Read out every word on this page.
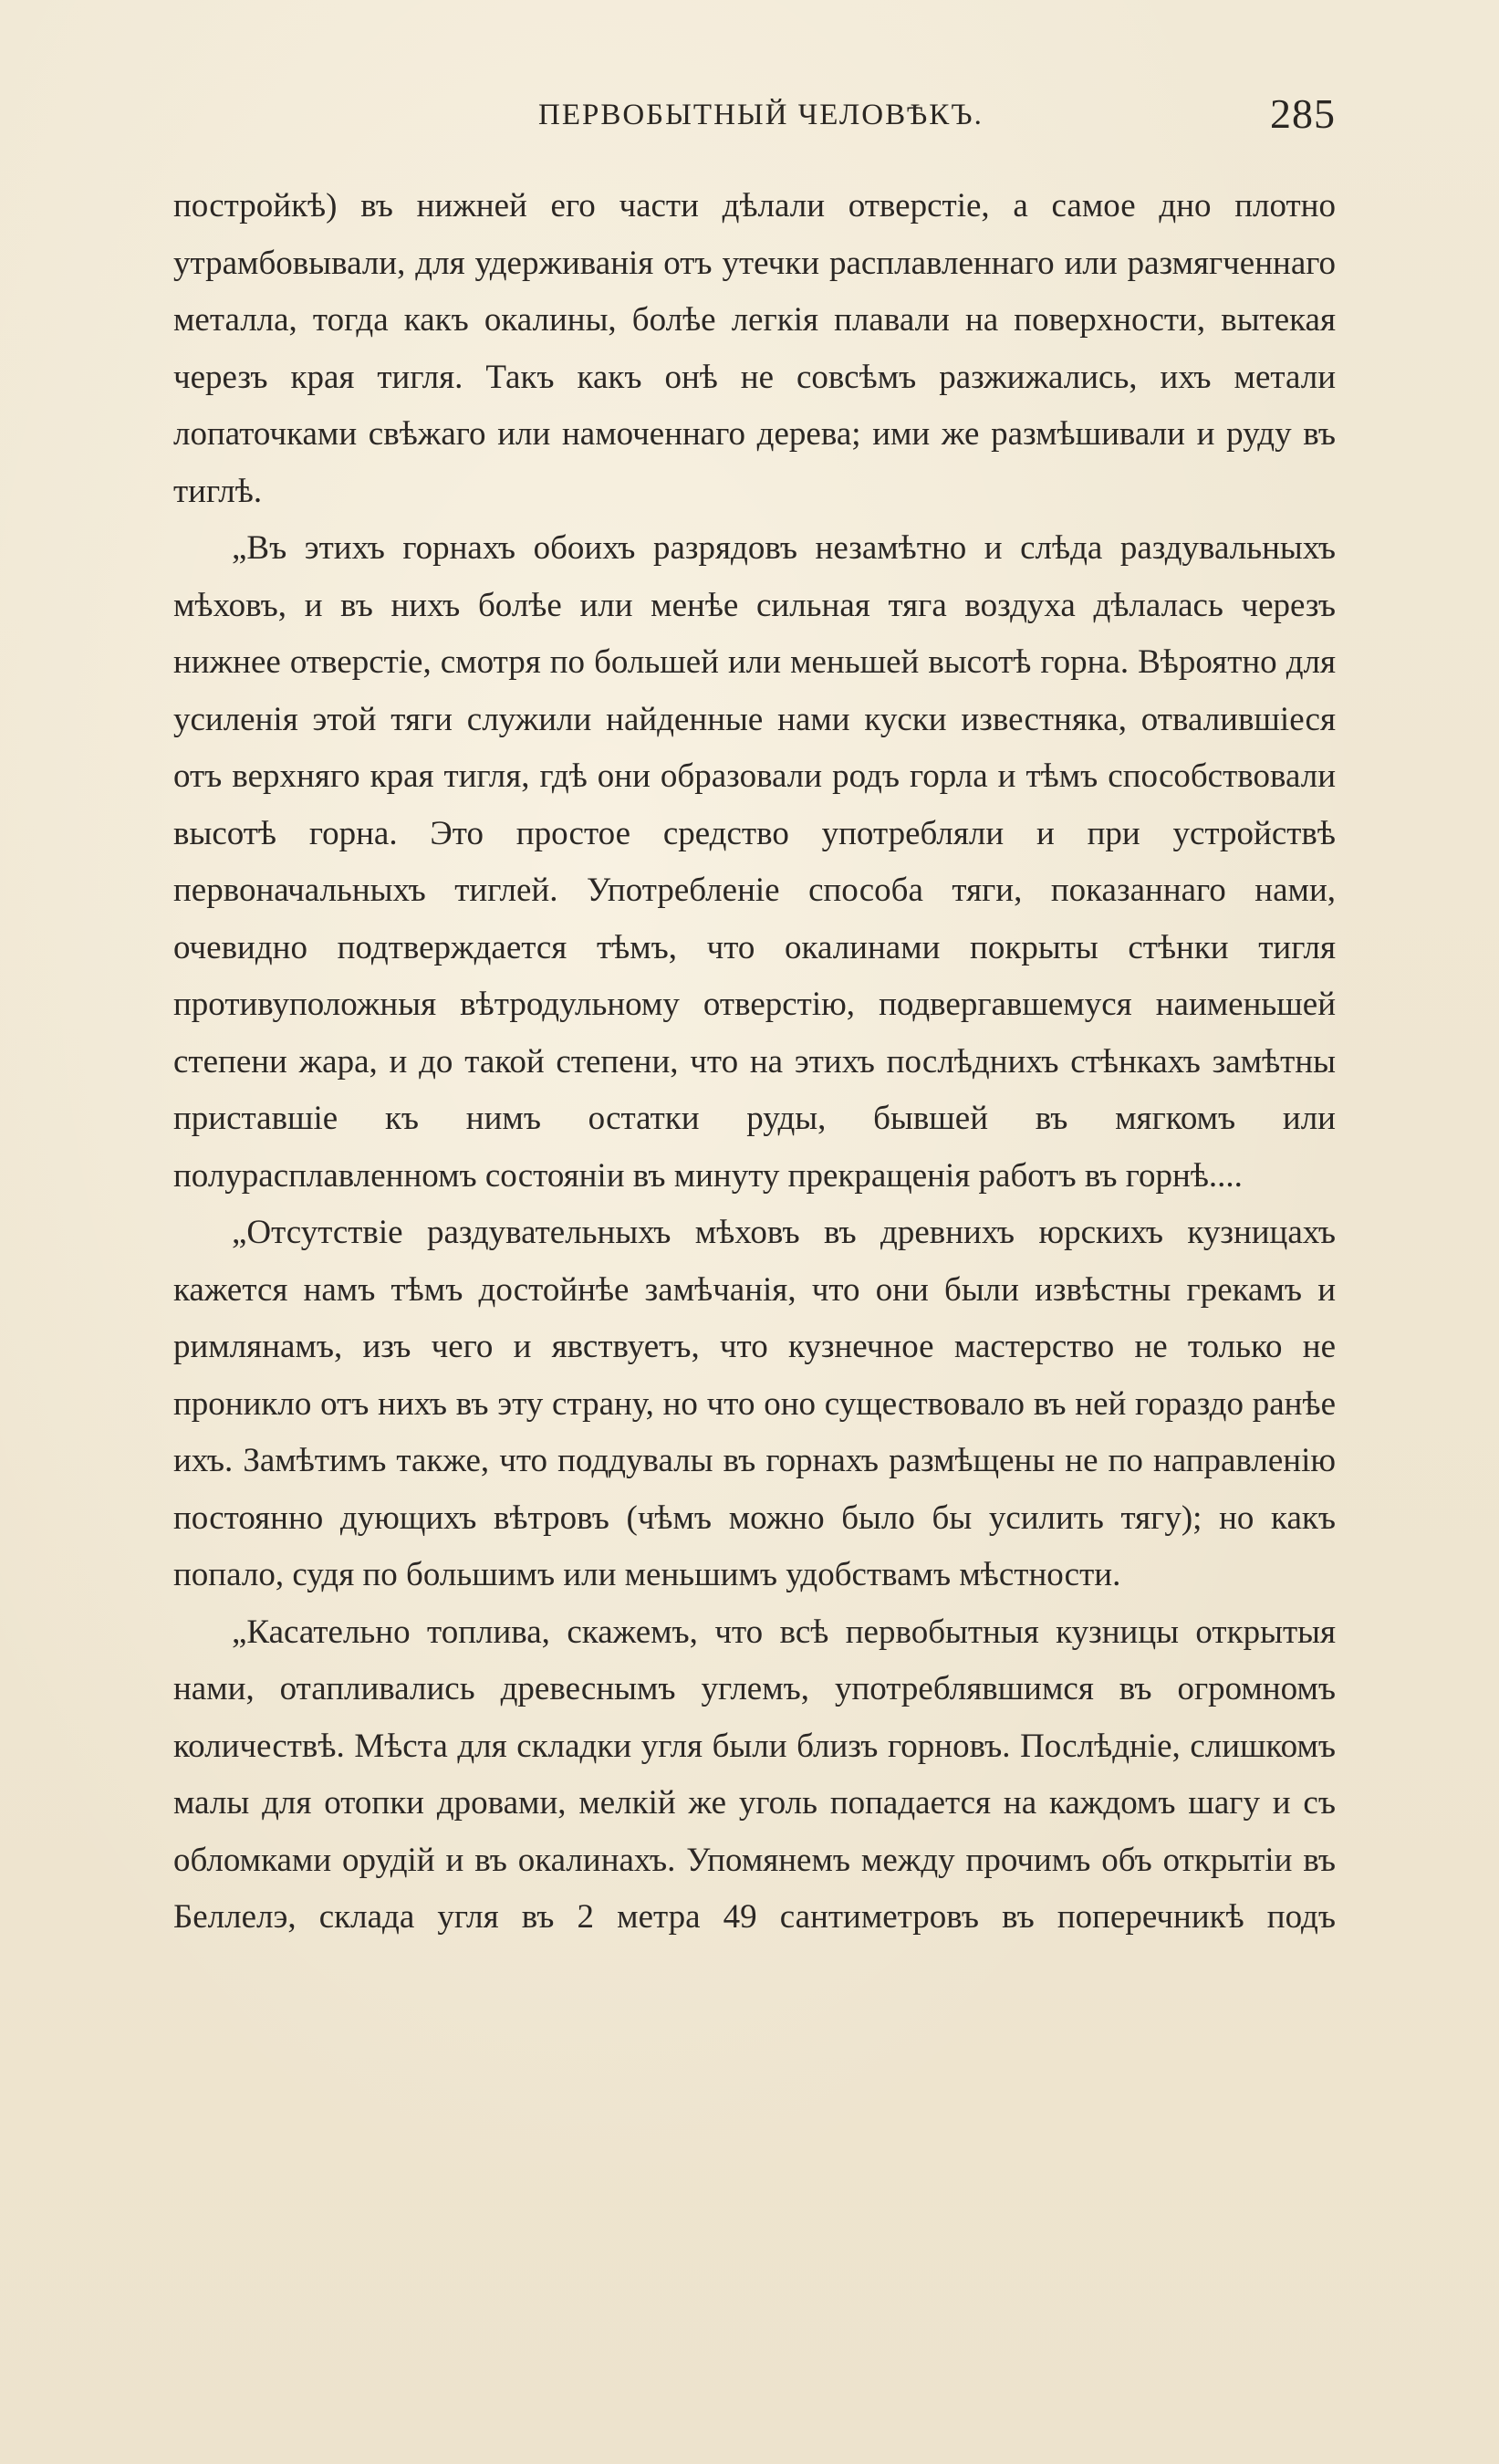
ПЕРВОБЫТНЫЙ ЧЕЛОВѢКЪ.	285

постройкѣ) въ нижней его части дѣлали отверстіе, а самое дно плотно утрамбовывали, для удерживанія отъ утечки расплавленнаго или размягченнаго металла, тогда какъ окалины, болѣе легкія плавали на поверхности, вытекая черезъ края тигля. Такъ какъ онѣ не совсѣмъ разжижались, ихъ метали лопаточками свѣжаго или намоченнаго дерева; ими же размѣшивали и руду въ тиглѣ.

„Въ этихъ горнахъ обоихъ разрядовъ незамѣтно и слѣда раздувальныхъ мѣховъ, и въ нихъ болѣе или менѣе сильная тяга воздуха дѣлалась черезъ нижнее отверстіе, смотря по большей или меньшей высотѣ горна. Вѣроятно для усиленія этой тяги служили найденные нами куски известняка, отвалившіеся отъ верхняго края тигля, гдѣ они образовали родъ горла и тѣмъ способствовали высотѣ горна. Это простое средство употребляли и при устройствѣ первоначальныхъ тиглей. Употребленіе способа тяги, показаннаго нами, очевидно подтверждается тѣмъ, что окалинами покрыты стѣнки тигля противуположныя вѣтродульному отверстію, подвергавшемуся наименьшей степени жара, и до такой степени, что на этихъ послѣднихъ стѣнкахъ замѣтны приставшіе къ нимъ остатки руды, бывшей въ мягкомъ или полурасплавленномъ состояніи въ минуту прекращенія работъ въ горнѣ....

„Отсутствіе раздувательныхъ мѣховъ въ древнихъ юрскихъ кузницахъ кажется намъ тѣмъ достойнѣе замѣчанія, что они были извѣстны грекамъ и римлянамъ, изъ чего и явствуетъ, что кузнечное мастерство не только не проникло отъ нихъ въ эту страну, но что оно существовало въ ней гораздо ранѣе ихъ. Замѣтимъ также, что поддувалы въ горнахъ размѣщены не по направленію постоянно дующихъ вѣтровъ (чѣмъ можно было бы усилить тягу); но какъ попало, судя по большимъ или меньшимъ удобствамъ мѣстности.

„Касательно топлива, скажемъ, что всѣ первобытныя кузницы открытыя нами, отапливались древеснымъ углемъ, употреблявшимся въ огромномъ количествѣ. Мѣста для складки угля были близъ горновъ. Послѣдніе, слишкомъ малы для отопки дровами, мелкій же уголь попадается на каждомъ шагу и съ обломками орудій и въ окалинахъ. Упомянемъ между прочимъ объ открытіи въ Беллелэ, склада угля въ 2 метра 49 сантиметровъ въ поперечникѣ подъ
